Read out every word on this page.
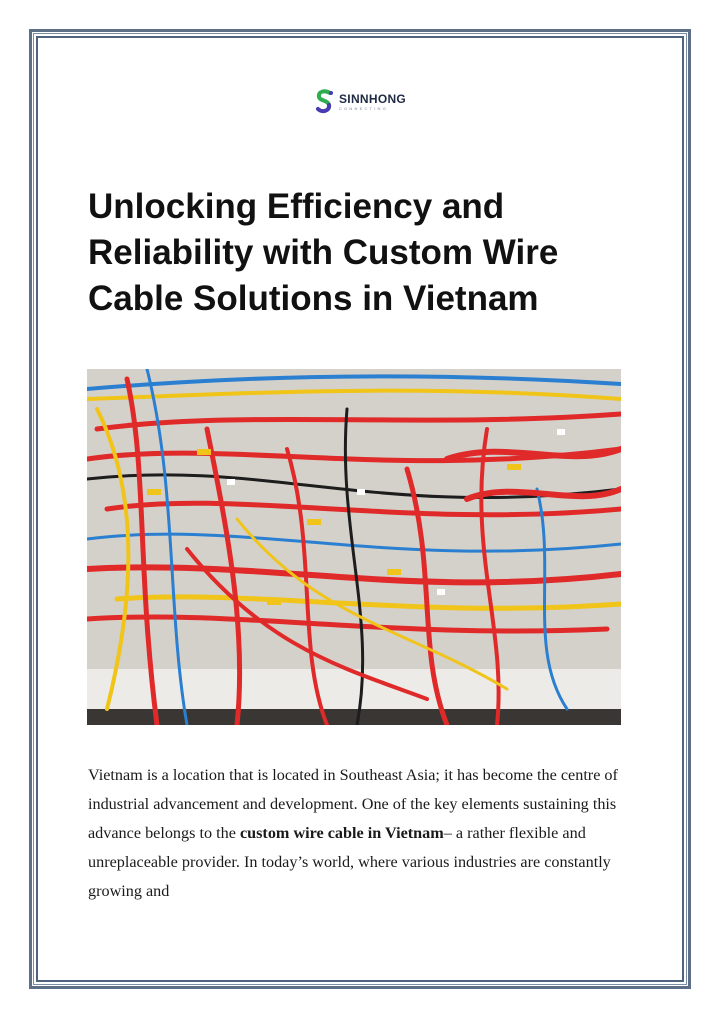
SINNHONG
CONNECTING
Unlocking Efficiency and Reliability with Custom Wire Cable Solutions in Vietnam

Vietnam is a location that is located in Southeast Asia; it has become the centre of industrial advancement and development. One of the key elements sustaining this advance belongs to the custom wire cable in Vietnam– a rather flexible and unreplaceable provider. In today’s world, where various industries are constantly growing and
